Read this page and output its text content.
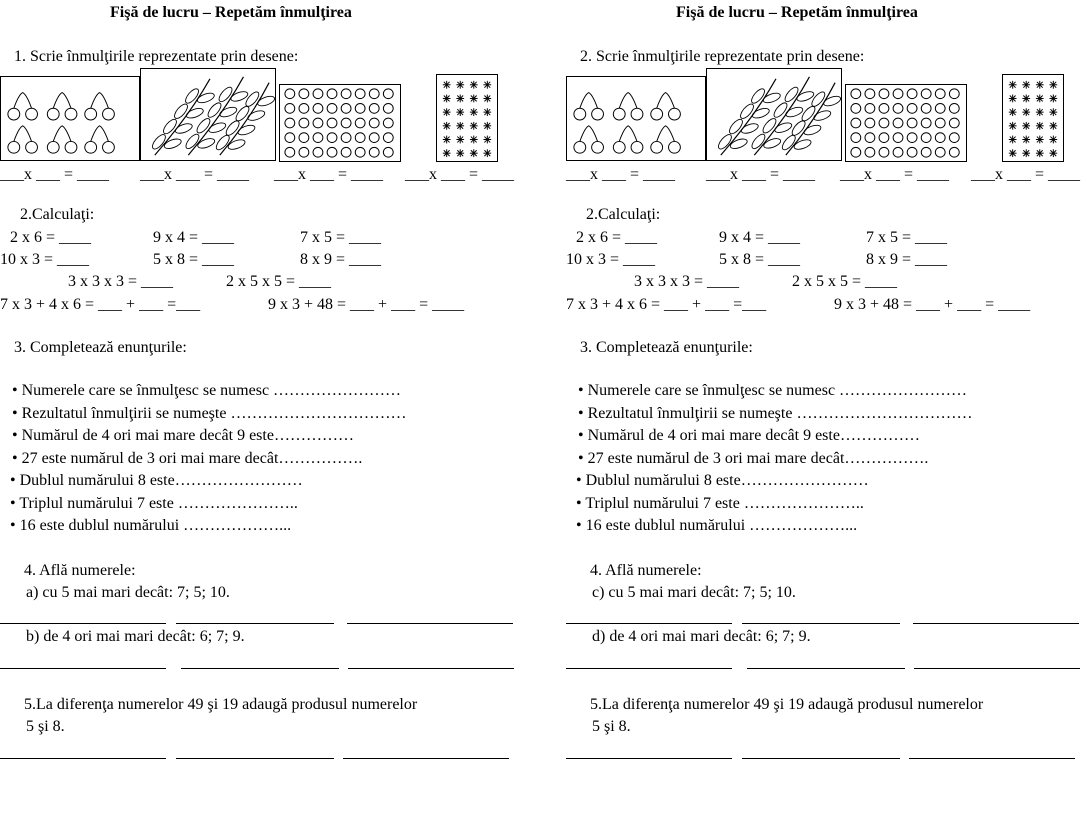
Fişă de lucru – Repetăm înmulţirea
1. Scrie înmulţirile reprezentate prin desene:
___x ___ = ____ ___x ___ = ____ ___x ___ = ____ ___x ___ = ____
2.Calculaţi:
2 x 6 = ____	9 x 4 = ____	7 x 5 = ____
10 x 3 = ____	5 x 8 = ____	8 x 9 = ____
3 x 3 x 3 = ____	2 x 5 x 5 = ____
7 x 3 + 4 x 6 = ___ + ___ =___	9 x 3 + 48 = ___ + ___ = ____
3. Completează enunţurile:
• Numerele care se înmulţesc se numesc ……………………
• Rezultatul înmulţirii se numeşte ……………………………
• Numărul de 4 ori mai mare decât 9 este……………
• 27 este numărul de 3 ori mai mare decât…………….
• Dublul numărului 8 este……………………
• Triplul numărului 7 este …………………..
• 16 este dublul numărului ………………...
4. Află numerele:
a) cu 5 mai mari decât: 7; 5; 10.
b) de 4 ori mai mari decât: 6; 7; 9.
5.La diferenţa numerelor 49 şi 19 adaugă produsul numerelor
5 şi 8.
Fişă de lucru – Repetăm înmulţirea
2. Scrie înmulţirile reprezentate prin desene:
___x ___ = ____ ___x ___ = ____ ___x ___ = ____ ___x ___ = ____
2.Calculaţi:
2 x 6 = ____	9 x 4 = ____	7 x 5 = ____
10 x 3 = ____	5 x 8 = ____	8 x 9 = ____
3 x 3 x 3 = ____	2 x 5 x 5 = ____
7 x 3 + 4 x 6 = ___ + ___ =___	9 x 3 + 48 = ___ + ___ = ____
3. Completează enunţurile:
• Numerele care se înmulţesc se numesc ……………………
• Rezultatul înmulţirii se numeşte ……………………………
• Numărul de 4 ori mai mare decât 9 este……………
• 27 este numărul de 3 ori mai mare decât…………….
• Dublul numărului 8 este……………………
• Triplul numărului 7 este …………………..
• 16 este dublul numărului ………………...
4. Află numerele:
c) cu 5 mai mari decât: 7; 5; 10.
d) de 4 ori mai mari decât: 6; 7; 9.
5.La diferenţa numerelor 49 şi 19 adaugă produsul numerelor
5 şi 8.
